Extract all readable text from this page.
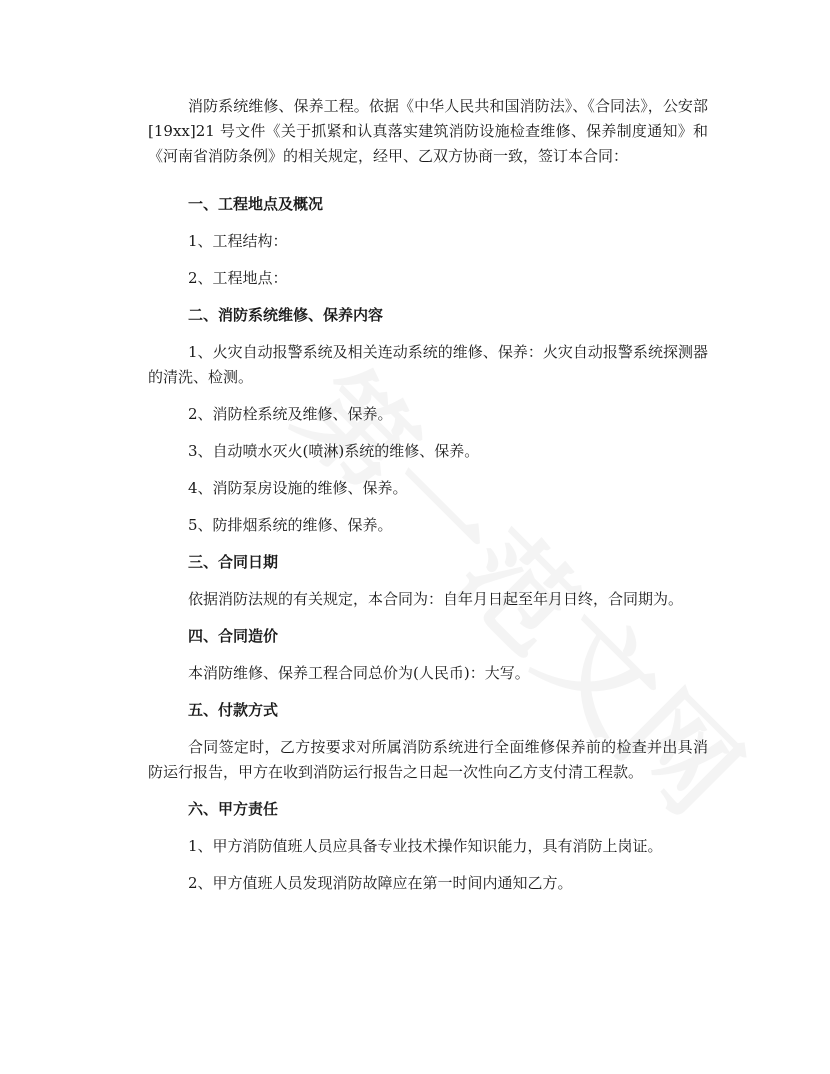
消防系统维修、保养工程。依据《中华人民共和国消防法》、《合同法》，公安部[19xx]21 号文件《关于抓紧和认真落实建筑消防设施检查维修、保养制度通知》和《河南省消防条例》的相关规定，经甲、乙双方协商一致，签订本合同：

一、工程地点及概况

1、工程结构：

2、工程地点：

二、消防系统维修、保养内容

1、火灾自动报警系统及相关连动系统的维修、保养：火灾自动报警系统探测器的清洗、检测。

2、消防栓系统及维修、保养。

3、自动喷水灭火(喷淋)系统的维修、保养。

4、消防泵房设施的维修、保养。

5、防排烟系统的维修、保养。

三、合同日期

依据消防法规的有关规定，本合同为：自年月日起至年月日终，合同期为。

四、合同造价

本消防维修、保养工程合同总价为(人民币)：大写。

五、付款方式

合同签定时，乙方按要求对所属消防系统进行全面维修保养前的检查并出具消防运行报告，甲方在收到消防运行报告之日起一次性向乙方支付清工程款。

六、甲方责任

1、甲方消防值班人员应具备专业技术操作知识能力，具有消防上岗证。

2、甲方值班人员发现消防故障应在第一时间内通知乙方。
